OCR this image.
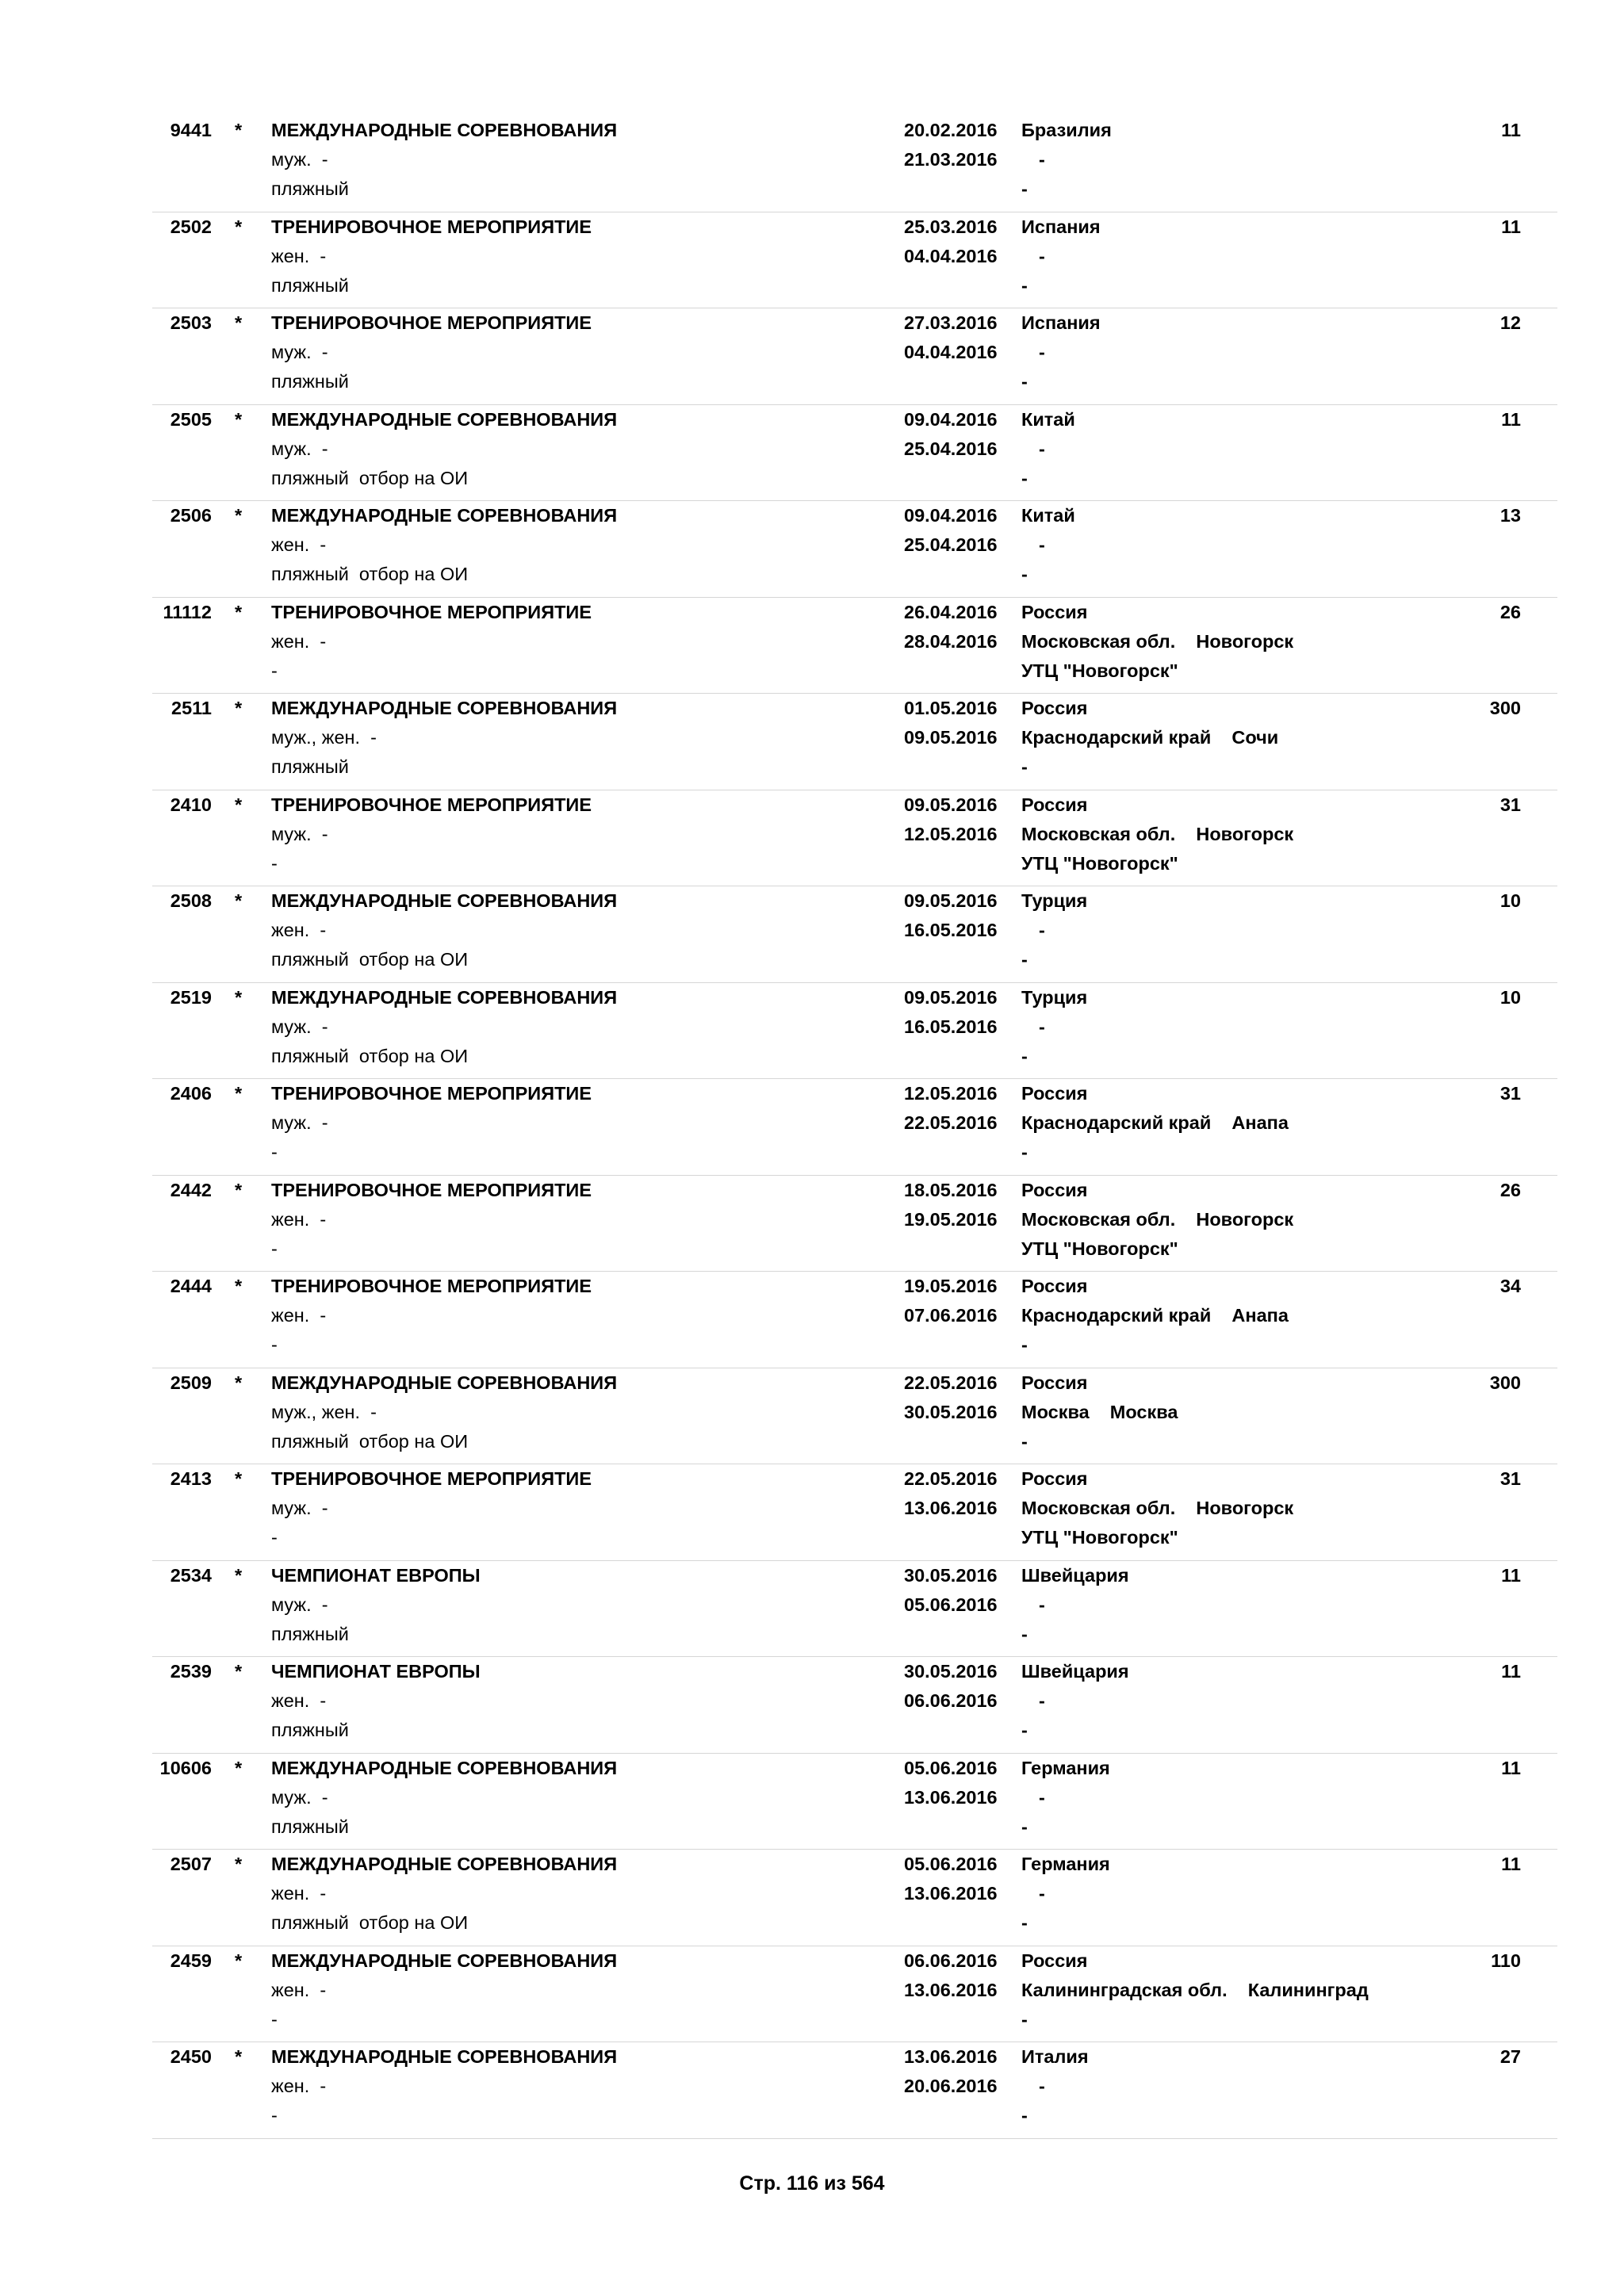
9441 * МЕЖДУНАРОДНЫЕ СОРЕВНОВАНИЯ
муж.  -
пляжный
20.02.2016
21.03.2016
Бразилия
-
-
11
2502 * ТРЕНИРОВОЧНОЕ МЕРОПРИЯТИЕ
жен.  -
пляжный
25.03.2016
04.04.2016
Испания
-
-
11
2503 * ТРЕНИРОВОЧНОЕ МЕРОПРИЯТИЕ
муж.  -
пляжный
27.03.2016
04.04.2016
Испания
-
-
12
2505 * МЕЖДУНАРОДНЫЕ СОРЕВНОВАНИЯ
муж.  -
пляжный  отбор на ОИ
09.04.2016
25.04.2016
Китай
-
-
11
2506 * МЕЖДУНАРОДНЫЕ СОРЕВНОВАНИЯ
жен.  -
пляжный  отбор на ОИ
09.04.2016
25.04.2016
Китай
-
-
13
11112 * ТРЕНИРОВОЧНОЕ МЕРОПРИЯТИЕ
жен.  -
-
26.04.2016
28.04.2016
Россия
Московская обл.    Новогорск
УТЦ "Новогорск"
26
2511 * МЕЖДУНАРОДНЫЕ СОРЕВНОВАНИЯ
муж., жен.  -
пляжный
01.05.2016
09.05.2016
Россия
Краснодарский край    Сочи
-
300
2410 * ТРЕНИРОВОЧНОЕ МЕРОПРИЯТИЕ
муж.  -
-
09.05.2016
12.05.2016
Россия
Московская обл.    Новогорск
УТЦ "Новогорск"
31
2508 * МЕЖДУНАРОДНЫЕ СОРЕВНОВАНИЯ
жен.  -
пляжный  отбор на ОИ
09.05.2016
16.05.2016
Турция
-
-
10
2519 * МЕЖДУНАРОДНЫЕ СОРЕВНОВАНИЯ
муж.  -
пляжный  отбор на ОИ
09.05.2016
16.05.2016
Турция
-
-
10
2406 * ТРЕНИРОВОЧНОЕ МЕРОПРИЯТИЕ
муж.  -
-
12.05.2016
22.05.2016
Россия
Краснодарский край    Анапа
-
31
2442 * ТРЕНИРОВОЧНОЕ МЕРОПРИЯТИЕ
жен.  -
-
18.05.2016
19.05.2016
Россия
Московская обл.    Новогорск
УТЦ "Новогорск"
26
2444 * ТРЕНИРОВОЧНОЕ МЕРОПРИЯТИЕ
жен.  -
-
19.05.2016
07.06.2016
Россия
Краснодарский край    Анапа
-
34
2509 * МЕЖДУНАРОДНЫЕ СОРЕВНОВАНИЯ
муж., жен.  -
пляжный  отбор на ОИ
22.05.2016
30.05.2016
Россия
Москва    Москва
-
300
2413 * ТРЕНИРОВОЧНОЕ МЕРОПРИЯТИЕ
муж.  -
-
22.05.2016
13.06.2016
Россия
Московская обл.    Новогорск
УТЦ "Новогорск"
31
2534 * ЧЕМПИОНАТ ЕВРОПЫ
муж.  -
пляжный
30.05.2016
05.06.2016
Швейцария
-
-
11
2539 * ЧЕМПИОНАТ ЕВРОПЫ
жен.  -
пляжный
30.05.2016
06.06.2016
Швейцария
-
-
11
10606 * МЕЖДУНАРОДНЫЕ СОРЕВНОВАНИЯ
муж.  -
пляжный
05.06.2016
13.06.2016
Германия
-
-
11
2507 * МЕЖДУНАРОДНЫЕ СОРЕВНОВАНИЯ
жен.  -
пляжный  отбор на ОИ
05.06.2016
13.06.2016
Германия
-
-
11
2459 * МЕЖДУНАРОДНЫЕ СОРЕВНОВАНИЯ
жен.  -
-
06.06.2016
13.06.2016
Россия
Калининградская обл.    Калининград
-
110
2450 * МЕЖДУНАРОДНЫЕ СОРЕВНОВАНИЯ
жен.  -
-
13.06.2016
20.06.2016
Италия
-
-
27
Стр. 116 из 564
